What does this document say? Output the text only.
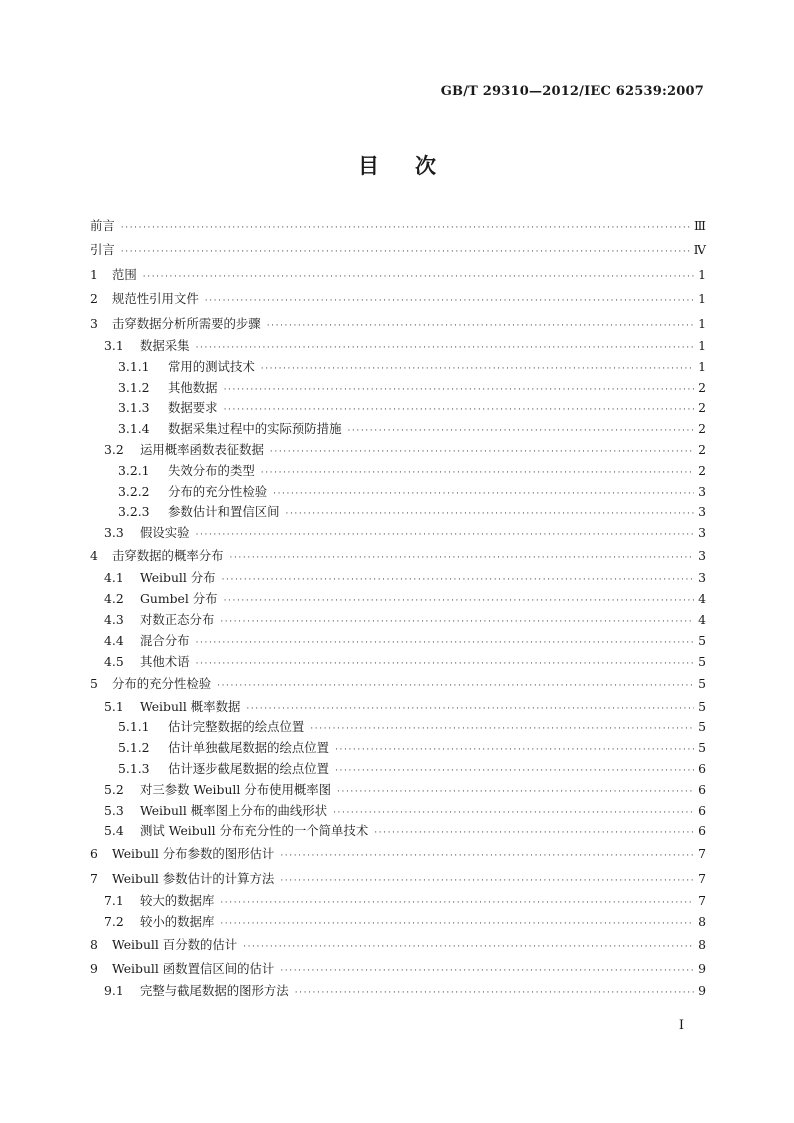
GB/T 29310—2012/IEC 62539:2007
目次
前言 ·····	Ⅲ
引言 ·····	Ⅳ
1	范围 ·····	1
2	规范性引用文件 ·····	1
3	击穿数据分析所需要的步骤 ·····	1
3.1	数据采集 ·····	1
3.1.1	常用的测试技术 ·····	1
3.1.2	其他数据 ·····	2
3.1.3	数据要求 ·····	2
3.1.4	数据采集过程中的实际预防措施 ·····	2
3.2	运用概率函数表征数据 ·····	2
3.2.1	失效分布的类型 ·····	2
3.2.2	分布的充分性检验 ·····	3
3.2.3	参数估计和置信区间 ·····	3
3.3	假设实验 ·····	3
4	击穿数据的概率分布 ·····	3
4.1	Weibull 分布 ·····	3
4.2	Gumbel 分布 ·····	4
4.3	对数正态分布 ·····	4
4.4	混合分布 ·····	5
4.5	其他术语 ·····	5
5	分布的充分性检验 ·····	5
5.1	Weibull 概率数据 ·····	5
5.1.1	估计完整数据的绘点位置 ·····	5
5.1.2	估计单独截尾数据的绘点位置 ·····	5
5.1.3	估计逐步截尾数据的绘点位置 ·····	6
5.2	对三参数 Weibull 分布使用概率图 ·····	6
5.3	Weibull 概率图上分布的曲线形状 ·····	6
5.4	测试 Weibull 分布充分性的一个简单技术 ·····	6
6	Weibull 分布参数的图形估计 ·····	7
7	Weibull 参数估计的计算方法 ·····	7
7.1	较大的数据库 ·····	7
7.2	较小的数据库 ·····	8
8	Weibull 百分数的估计 ·····	8
9	Weibull 函数置信区间的估计 ·····	9
9.1	完整与截尾数据的图形方法 ·····	9
I
